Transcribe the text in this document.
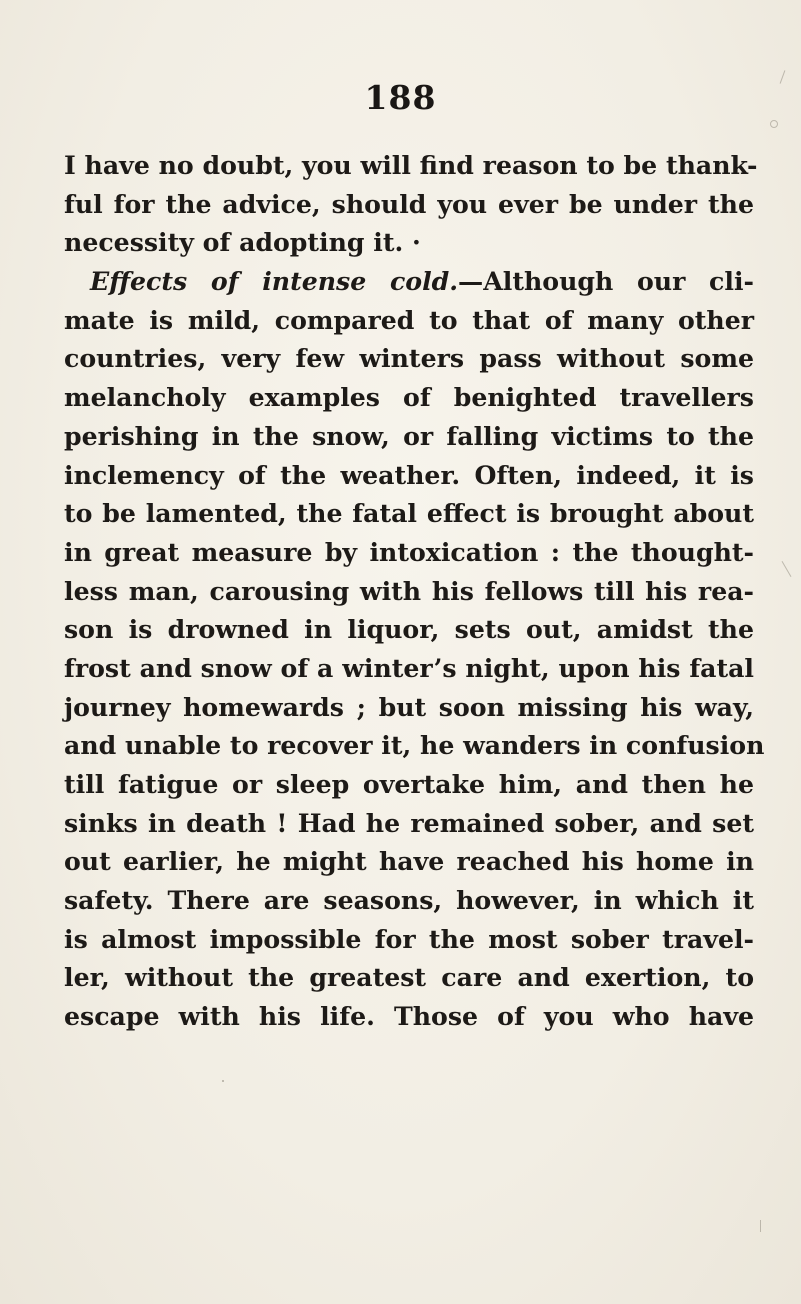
188
I have no doubt, you will find reason to be thank-
ful for the advice, should you ever be under the
necessity of adopting it. ·
Effects of intense cold.—Although our cli-
mate is mild, compared to that of many other
countries, very few winters pass without some
melancholy examples of benighted travellers
perishing in the snow, or falling victims to the
inclemency of the weather. Often, indeed, it is
to be lamented, the fatal effect is brought about
in great measure by intoxication : the thought-
less man, carousing with his fellows till his rea-
son is drowned in liquor, sets out, amidst the
frost and snow of a winter’s night, upon his fatal
journey homewards ; but soon missing his way,
and unable to recover it, he wanders in confusion
till fatigue or sleep overtake him, and then he
sinks in death ! Had he remained sober, and set
out earlier, he might have reached his home in
safety. There are seasons, however, in which it
is almost impossible for the most sober travel-
ler, without the greatest care and exertion, to
escape with his life. Those of you who have
